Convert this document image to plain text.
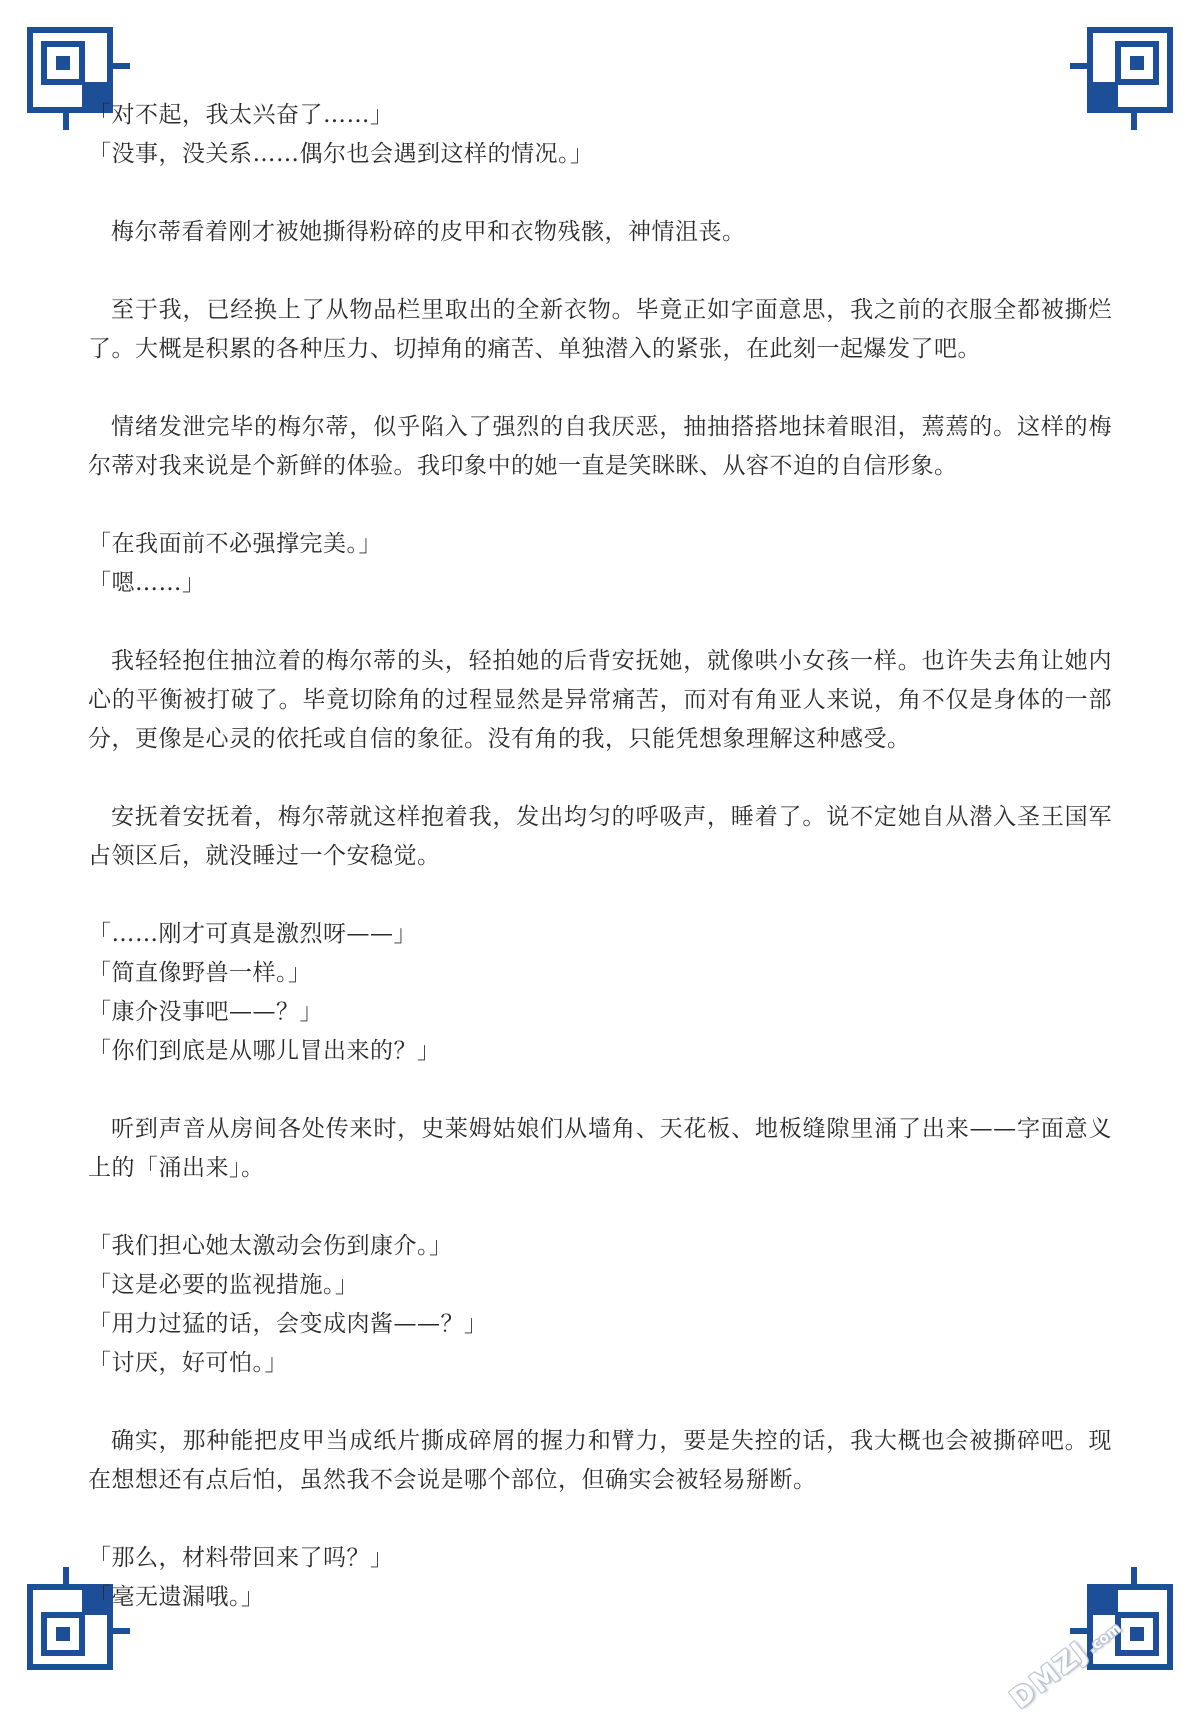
「对不起，我太兴奋了……」

「没事，没关系……偶尔也会遇到这样的情况。」

梅尔蒂看着刚才被她撕得粉碎的皮甲和衣物残骸，神情沮丧。

至于我，已经换上了从物品栏里取出的全新衣物。毕竟正如字面意思，我之前的衣服全都被撕烂了。大概是积累的各种压力、切掉角的痛苦、单独潜入的紧张，在此刻一起爆发了吧。

情绪发泄完毕的梅尔蒂，似乎陷入了强烈的自我厌恶，抽抽搭搭地抹着眼泪，蔫蔫的。这样的梅尔蒂对我来说是个新鲜的体验。我印象中的她一直是笑眯眯、从容不迫的自信形象。

「在我面前不必强撑完美。」

「嗯……」

我轻轻抱住抽泣着的梅尔蒂的头，轻拍她的后背安抚她，就像哄小女孩一样。也许失去角让她内心的平衡被打破了。毕竟切除角的过程显然是异常痛苦，而对有角亚人来说，角不仅是身体的一部分，更像是心灵的依托或自信的象征。没有角的我，只能凭想象理解这种感受。

安抚着安抚着，梅尔蒂就这样抱着我，发出均匀的呼吸声，睡着了。说不定她自从潜入圣王国军占领区后，就没睡过一个安稳觉。

「……刚才可真是激烈呀——」

「简直像野兽一样。」

「康介没事吧——？」

「你们到底是从哪儿冒出来的？」

听到声音从房间各处传来时，史莱姆姑娘们从墙角、天花板、地板缝隙里涌了出来——字面意义上的「涌出来」。

「我们担心她太激动会伤到康介。」

「这是必要的监视措施。」

「用力过猛的话，会变成肉酱——？」

「讨厌，好可怕。」

确实，那种能把皮甲当成纸片撕成碎屑的握力和臂力，要是失控的话，我大概也会被撕碎吧。现在想想还有点后怕，虽然我不会说是哪个部位，但确实会被轻易掰断。

「那么，材料带回来了吗？」

「毫无遗漏哦。」

DMZJ.com
